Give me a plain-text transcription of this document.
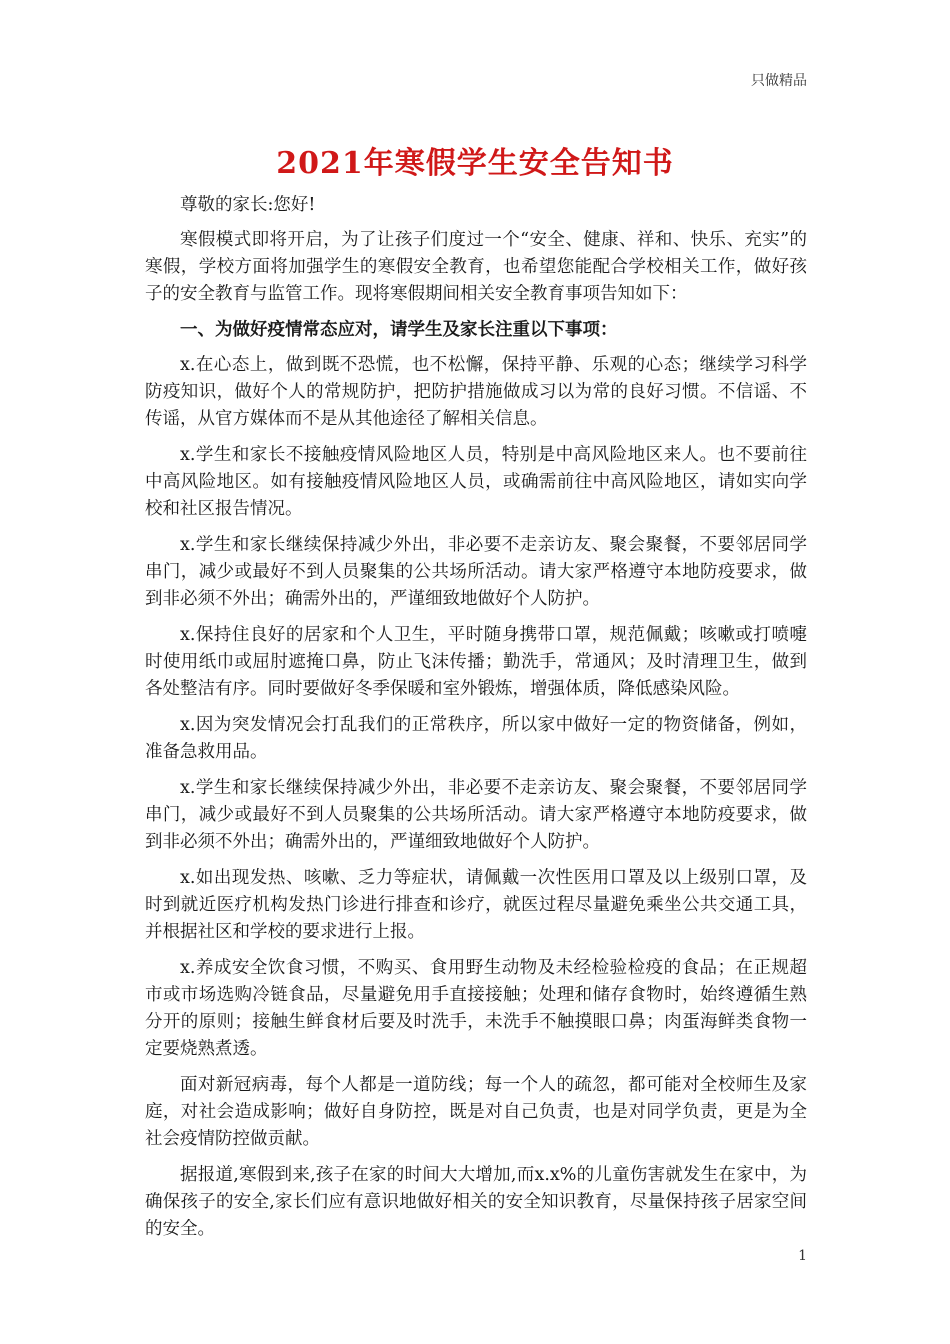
只做精品
2021年寒假学生安全告知书

尊敬的家长:您好!

寒假模式即将开启，为了让孩子们度过一个“安全、健康、祥和、快乐、充实”的寒假，学校方面将加强学生的寒假安全教育，也希望您能配合学校相关工作，做好孩子的安全教育与监管工作。现将寒假期间相关安全教育事项告知如下：

一、为做好疫情常态应对，请学生及家长注重以下事项：

x.在心态上，做到既不恐慌，也不松懈，保持平静、乐观的心态；继续学习科学防疫知识，做好个人的常规防护，把防护措施做成习以为常的良好习惯。不信谣、不传谣，从官方媒体而不是从其他途径了解相关信息。

x.学生和家长不接触疫情风险地区人员，特别是中高风险地区来人。也不要前往中高风险地区。如有接触疫情风险地区人员，或确需前往中高风险地区，请如实向学校和社区报告情况。

x.学生和家长继续保持减少外出，非必要不走亲访友、聚会聚餐，不要邻居同学串门，减少或最好不到人员聚集的公共场所活动。请大家严格遵守本地防疫要求，做到非必须不外出；确需外出的，严谨细致地做好个人防护。

x.保持住良好的居家和个人卫生，平时随身携带口罩，规范佩戴；咳嗽或打喷嚏时使用纸巾或屈肘遮掩口鼻，防止飞沫传播；勤洗手，常通风；及时清理卫生，做到各处整洁有序。同时要做好冬季保暖和室外锻炼，增强体质，降低感染风险。

x.因为突发情况会打乱我们的正常秩序，所以家中做好一定的物资储备，例如，准备急救用品。

x.学生和家长继续保持减少外出，非必要不走亲访友、聚会聚餐，不要邻居同学串门，减少或最好不到人员聚集的公共场所活动。请大家严格遵守本地防疫要求，做到非必须不外出；确需外出的，严谨细致地做好个人防护。

x.如出现发热、咳嗽、乏力等症状，请佩戴一次性医用口罩及以上级别口罩，及时到就近医疗机构发热门诊进行排查和诊疗，就医过程尽量避免乘坐公共交通工具，并根据社区和学校的要求进行上报。

x.养成安全饮食习惯，不购买、食用野生动物及未经检验检疫的食品；在正规超市或市场选购冷链食品，尽量避免用手直接接触；处理和储存食物时，始终遵循生熟分开的原则；接触生鲜食材后要及时洗手，未洗手不触摸眼口鼻；肉蛋海鲜类食物一定要烧熟煮透。

面对新冠病毒，每个人都是一道防线；每一个人的疏忽，都可能对全校师生及家庭，对社会造成影响；做好自身防控，既是对自己负责，也是对同学负责，更是为全社会疫情防控做贡献。

据报道,寒假到来,孩子在家的时间大大增加,而x.x%的儿童伤害就发生在家中，为确保孩子的安全,家长们应有意识地做好相关的安全知识教育，尽量保持孩子居家空间的安全。

1
